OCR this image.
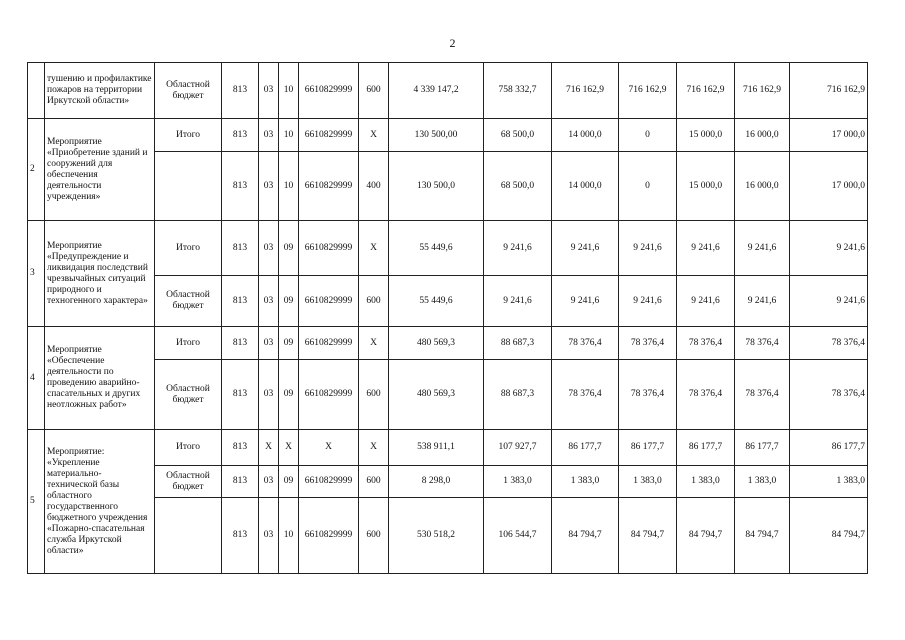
2
	тушению и профилактике пожаров на территории Иркутской области»	Областной бюджет	813	03	10	6610829999	600	4 339 147,2	758 332,7	716 162,9	716 162,9	716 162,9	716 162,9	716 162,9
2	Мероприятие «Приобретение зданий и сооружений для обеспечения деятельности учреждения»	Итого	813	03	10	6610829999	Х	130 500,00	68 500,0	14 000,0	0	15 000,0	16 000,0	17 000,0
			813	03	10	6610829999	400	130 500,0	68 500,0	14 000,0	0	15 000,0	16 000,0	17 000,0
3	Мероприятие «Предупреждение и ликвидация последствий чрезвычайных ситуаций природного и техногенного характера»	Итого	813	03	09	6610829999	Х	55 449,6	9 241,6	9 241,6	9 241,6	9 241,6	9 241,6	9 241,6
		Областной бюджет	813	03	09	6610829999	600	55 449,6	9 241,6	9 241,6	9 241,6	9 241,6	9 241,6	9 241,6
4	Мероприятие «Обеспечение деятельности по проведению аварийно-спасательных и других неотложных работ»	Итого	813	03	09	6610829999	Х	480 569,3	88 687,3	78 376,4	78 376,4	78 376,4	78 376,4	78 376,4
		Областной бюджет	813	03	09	6610829999	600	480 569,3	88 687,3	78 376,4	78 376,4	78 376,4	78 376,4	78 376,4
5	Мероприятие: «Укрепление материально-технической базы областного государственного бюджетного учреждения «Пожарно-спасательная служба Иркутской области»	Итого	813	Х	Х	Х	Х	538 911,1	107 927,7	86 177,7	86 177,7	86 177,7	86 177,7	86 177,7
		Областной бюджет	813	03	09	6610829999	600	8 298,0	1 383,0	1 383,0	1 383,0	1 383,0	1 383,0	1 383,0
			813	03	10	6610829999	600	530 518,2	106 544,7	84 794,7	84 794,7	84 794,7	84 794,7	84 794,7
